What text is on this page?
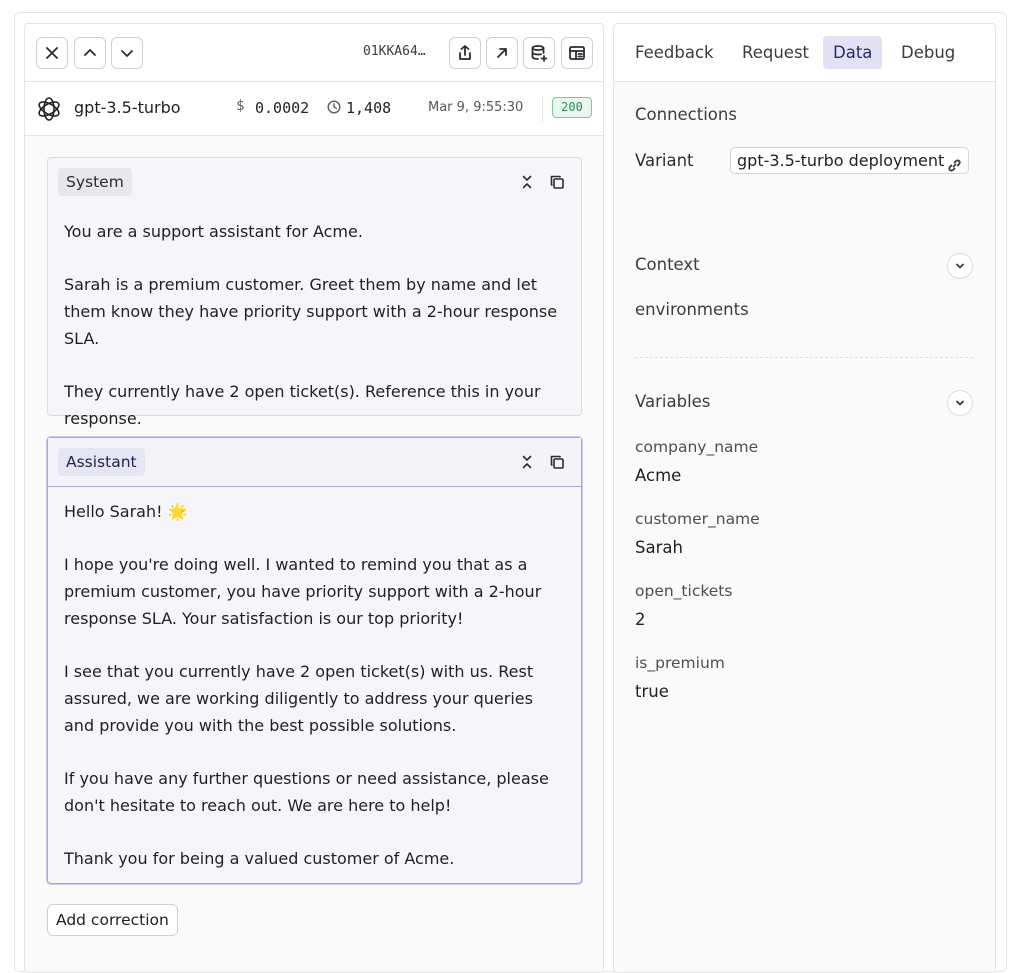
01KKA64…
gpt-3.5-turbo	$ 0.0002 1,408	Mar 9, 9:55:30	200
System
You are a support assistant for Acme.

Sarah is a premium customer. Greet them by name and let them know they have priority support with a 2-hour response SLA.

They currently have 2 open ticket(s). Reference this in your response.
Assistant
Hello Sarah! 🌟

I hope you're doing well. I wanted to remind you that as a premium customer, you have priority support with a 2-hour response SLA. Your satisfaction is our top priority!

I see that you currently have 2 open ticket(s) with us. Rest assured, we are working diligently to address your queries and provide you with the best possible solutions.

If you have any further questions or need assistance, please don't hesitate to reach out. We are here to help!

Thank you for being a valued customer of Acme.
Add correction
Feedback	Request	Data	Debug
Connections
Variant	gpt-3.5-turbo deployment
Context
environments
Variables
company_name
Acme
customer_name
Sarah
open_tickets
2
is_premium
true
